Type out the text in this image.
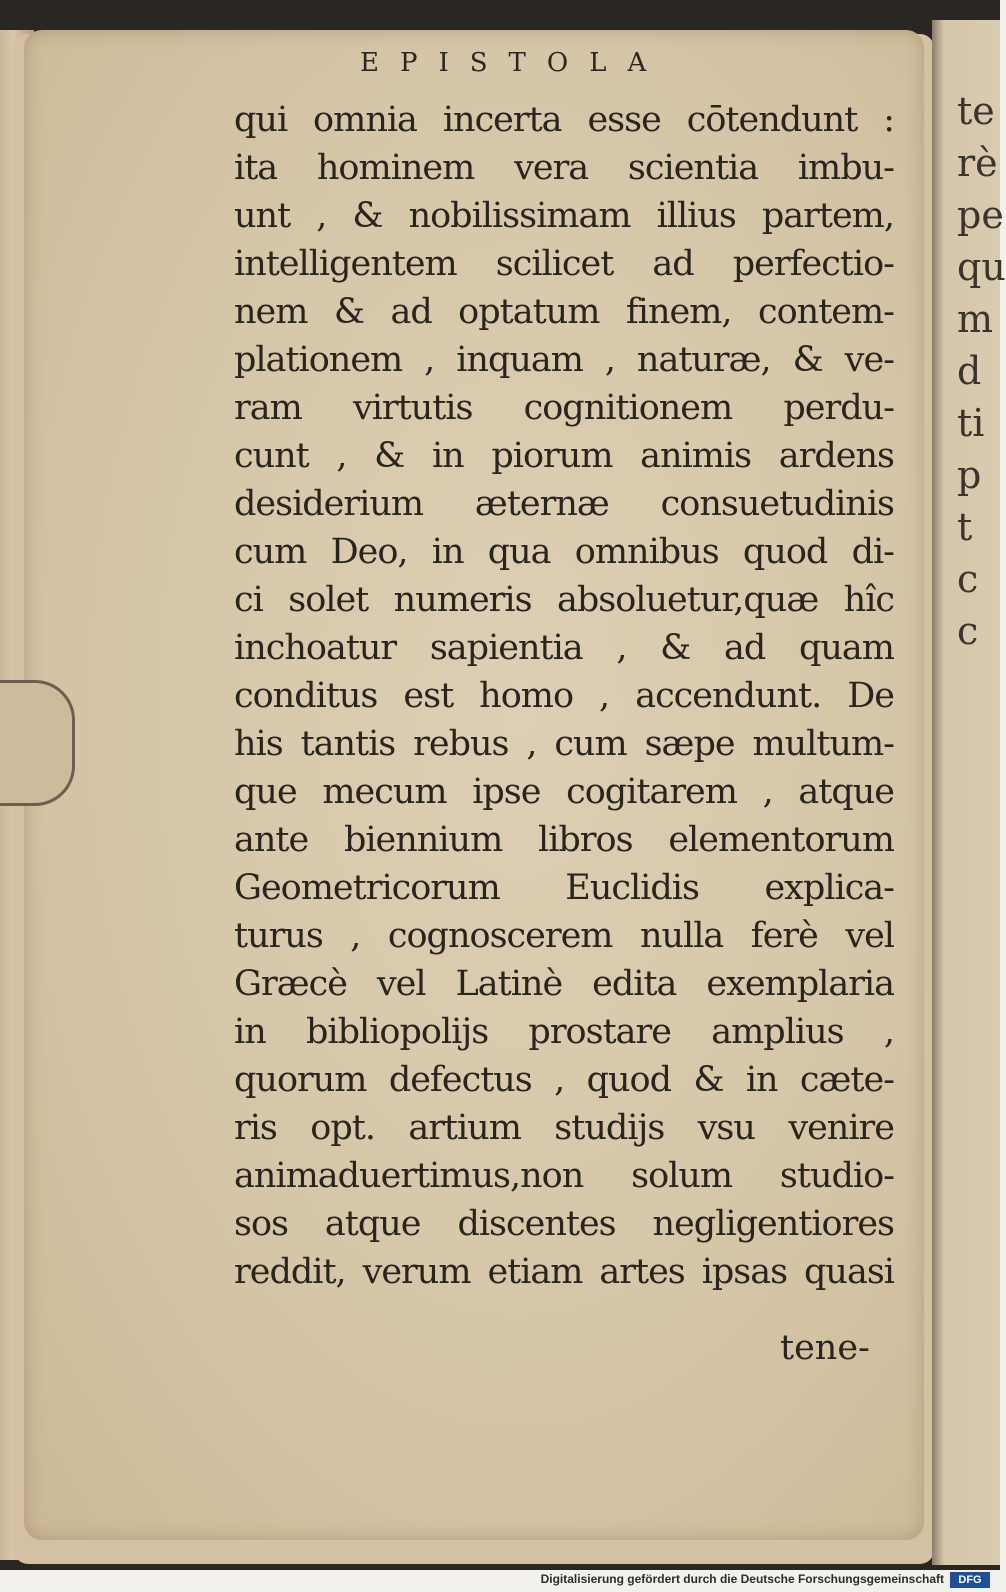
te
rè
pe
qu
m
d
ti
p
t
c
c
EPISTOLA
qui omnia incerta esse cōtendunt :
ita hominem vera scientia imbu-
unt , & nobilissimam illius partem,
intelligentem scilicet ad perfectio-
nem & ad optatum finem, contem-
plationem , inquam , naturæ, & ve-
ram virtutis cognitionem perdu-
cunt , & in piorum animis ardens
desiderium æternæ consuetudinis
cum Deo, in qua omnibus quod di-
ci solet numeris absoluetur,quæ hîc
inchoatur sapientia , & ad quam
conditus est homo , accendunt. De
his tantis rebus , cum sæpe multum-
que mecum ipse cogitarem , atque
ante biennium libros elementorum
Geometricorum Euclidis explica-
turus , cognoscerem nulla ferè vel
Græcè vel Latinè edita exemplaria
in bibliopolijs prostare amplius ,
quorum defectus , quod & in cæte-
ris opt. artium studijs vsu venire
animaduertimus,non solum studio-
sos atque discentes negligentiores
reddit, verum etiam artes ipsas quasi
tene-
Digitalisierung gefördert durch die Deutsche Forschungsgemeinschaft	DFG
